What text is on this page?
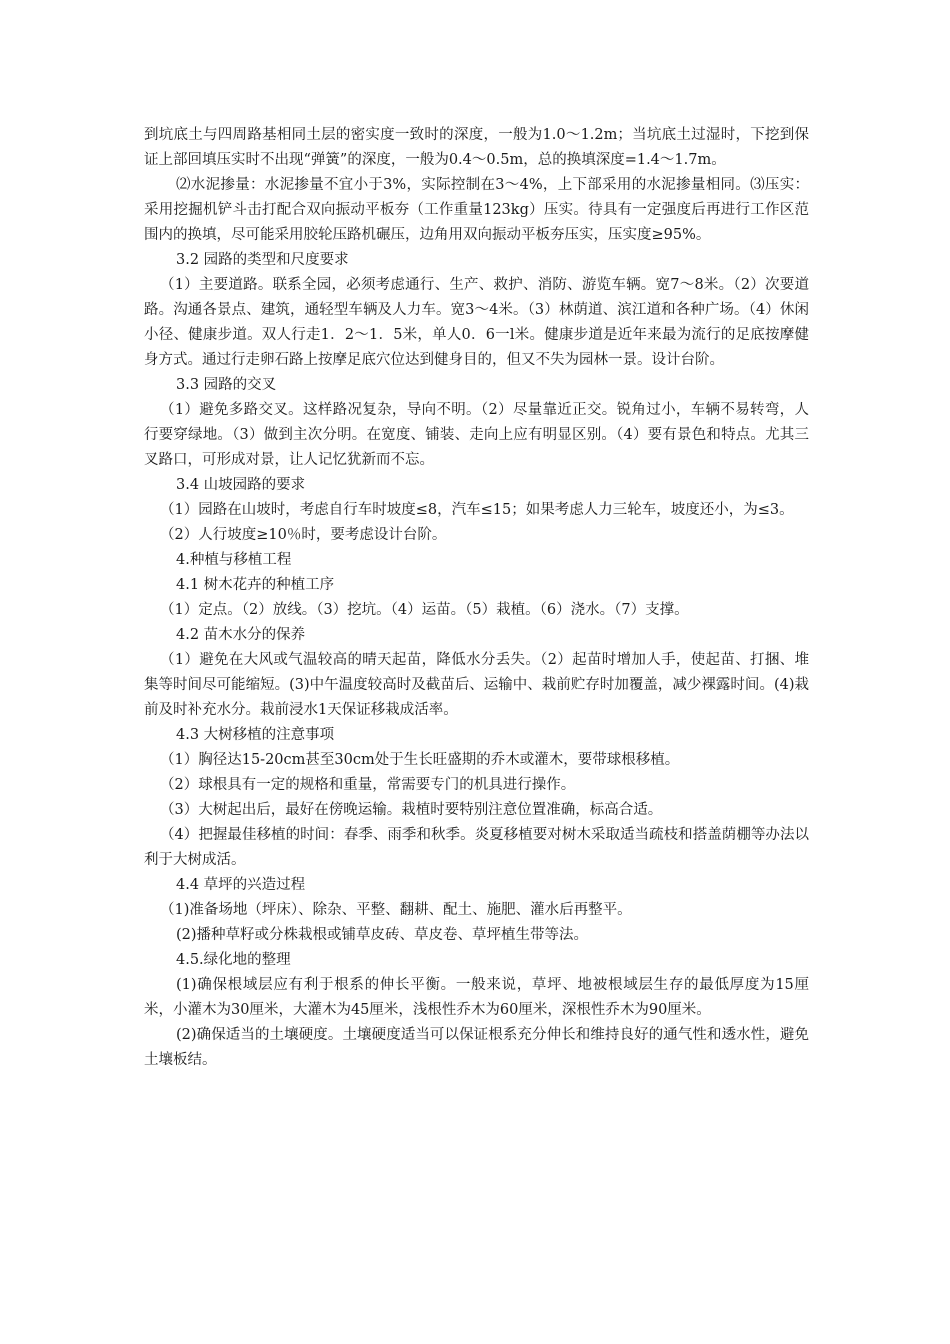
到坑底土与四周路基相同土层的密实度一致时的深度，一般为1.0～1.2m；当坑底土过湿时，下挖到保证上部回填压实时不出现“弹簧”的深度，一般为0.4～0.5m，总的换填深度=1.4～1.7m。

⑵水泥掺量：水泥掺量不宜小于3%，实际控制在3～4%，上下部采用的水泥掺量相同。⑶压实：采用挖掘机铲斗击打配合双向振动平板夯（工作重量123kg）压实。待具有一定强度后再进行工作区范围内的换填，尽可能采用胶轮压路机碾压，边角用双向振动平板夯压实，压实度≥95%。

3.2 园路的类型和尺度要求

（1）主要道路。联系全园，必须考虑通行、生产、救护、消防、游览车辆。宽7～8米。（2）次要道路。沟通各景点、建筑，通轻型车辆及人力车。宽3～4米。（3）林荫道、滨江道和各种广场。（4）休闲小径、健康步道。双人行走1．2～1．5米，单人0．6一l米。健康步道是近年来最为流行的足底按摩健身方式。通过行走卵石路上按摩足底穴位达到健身目的，但又不失为园林一景。设计台阶。

3.3 园路的交叉

（1）避免多路交叉。这样路况复杂，导向不明。（2）尽量靠近正交。锐角过小，车辆不易转弯，人行要穿绿地。（3）做到主次分明。在宽度、铺装、走向上应有明显区别。（4）要有景色和特点。尤其三叉路口，可形成对景，让人记忆犹新而不忘。

3.4 山坡园路的要求

（1）园路在山坡时，考虑自行车时坡度≤8，汽车≤15；如果考虑人力三轮车，坡度还小，为≤3。

（2）人行坡度≥10％时，要考虑设计台阶。

4.种植与移植工程

4.1 树木花卉的种植工序

（1）定点。（2）放线。（3）挖坑。（4）运苗。（5）栽植。（6）浇水。（7）支撑。

4.2 苗木水分的保养

（1）避免在大风或气温较高的晴天起苗，降低水分丢失。（2）起苗时增加人手，使起苗、打捆、堆集等时间尽可能缩短。(3)中午温度较高时及截苗后、运输中、栽前贮存时加覆盖，减少裸露时间。(4)栽前及时补充水分。栽前浸水1天保证移栽成活率。

4.3 大树移植的注意事项

（1）胸径达15-20cm甚至30cm处于生长旺盛期的乔木或灌木，要带球根移植。

（2）球根具有一定的规格和重量，常需要专门的机具进行操作。

（3）大树起出后，最好在傍晚运输。栽植时要特别注意位置准确，标高合适。

（4）把握最佳移植的时间：春季、雨季和秋季。炎夏移植要对树木采取适当疏枝和搭盖荫棚等办法以利于大树成活。

4.4 草坪的兴造过程

（1)准备场地（坪床）、除杂、平整、翻耕、配土、施肥、灌水后再整平。

(2)播种草籽或分株栽根或铺草皮砖、草皮卷、草坪植生带等法。

4.5.绿化地的整理

(1)确保根域层应有利于根系的伸长平衡。一般来说，草坪、地被根域层生存的最低厚度为15厘米，小灌木为30厘米，大灌木为45厘米，浅根性乔木为60厘米，深根性乔木为90厘米。

(2)确保适当的土壤硬度。土壤硬度适当可以保证根系充分伸长和维持良好的通气性和透水性，避免土壤板结。
